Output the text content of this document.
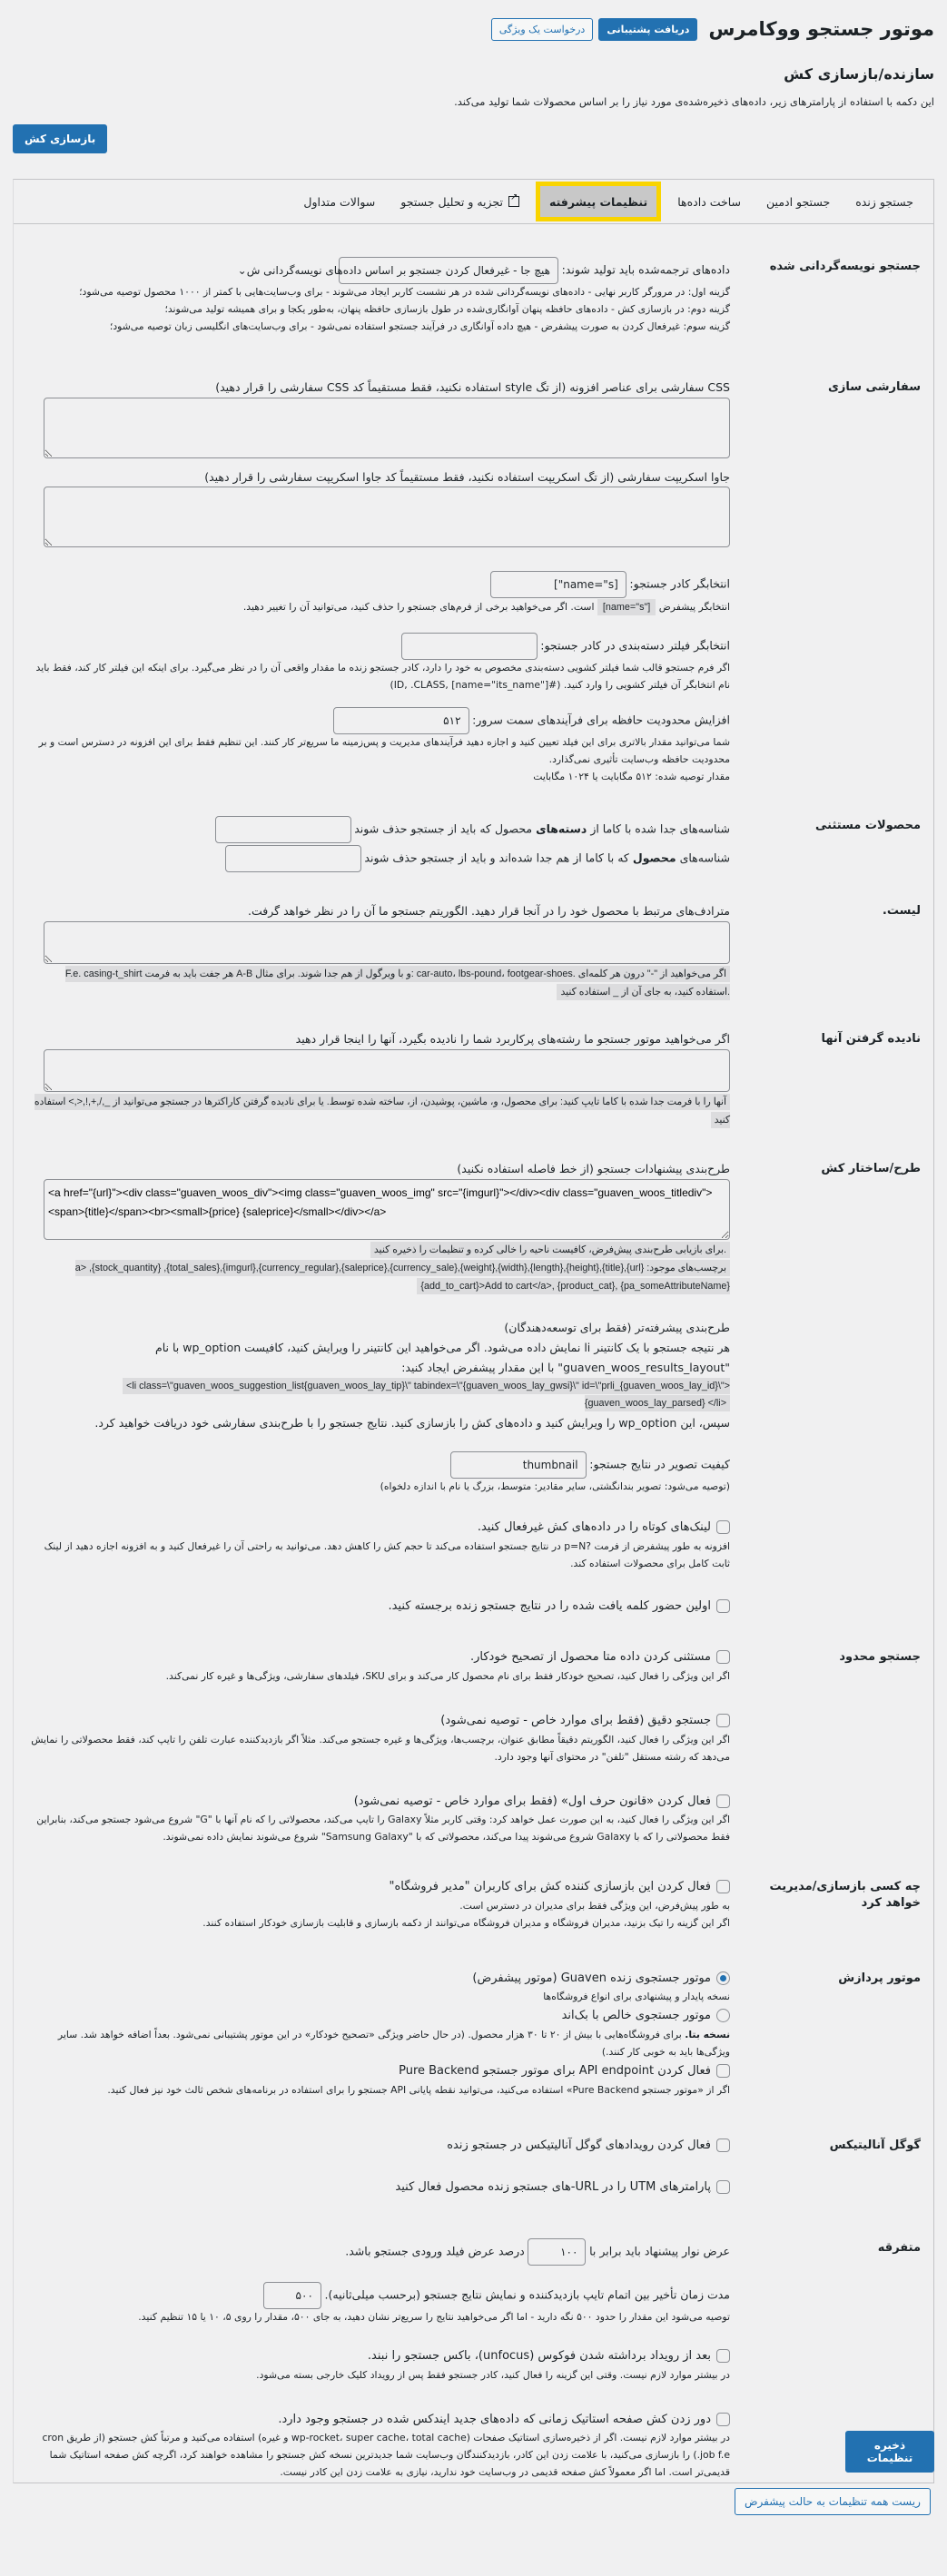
موتور جستجو ووکامرس
دریافت پشتیبانی
درخواست یک ویژگی
سازنده/بازسازی کش

این دکمه با استفاده از پارامترهای زیر، داده‌های ذخیره‌شده‌ی مورد نیاز را بر اساس محصولات شما تولید می‌کند.

بازسازی کش
جستجو زنده
جستجو ادمین
ساخت داده‌ها
تنظیمات پیشرفته
↗
تجزیه و تحلیل جستجو
سوالات متداول
جستجو نویسه‌گردانی شده
داده‌های ترجمه‌شده باید تولید شوند:
هیچ جا - غیرفعال کردن جستجو بر اساس داده‌های نویسه‌گردانی ش
⌄
گزینه اول: در مرورگر کاربر نهایی - داده‌های نویسه‌گردانی شده در هر نشست کاربر ایجاد می‌شوند - برای وب‌سایت‌هایی با کمتر از ۱۰۰۰ محصول توصیه می‌شود؛
گزینه دوم: در بازسازی کش - داده‌های حافظه پنهان آوانگاری‌شده در طول بازسازی حافظه پنهان، به‌طور یکجا و برای همیشه تولید می‌شوند؛
گزینه سوم: غیرفعال کردن به صورت پیشفرض - هیچ داده آوانگاری در فرآیند جستجو استفاده نمی‌شود - برای وب‌سایت‌های انگلیسی زبان توصیه می‌شود؛
سفارشی سازی
CSS سفارشی برای عناصر افزونه (از تگ style استفاده نکنید، فقط مستقیماً کد CSS سفارشی را قرار دهید)
جاوا اسکریپت سفارشی (از تگ اسکریپت استفاده نکنید، فقط مستقیماً کد جاوا اسکریپت سفارشی را قرار دهید)
انتخابگر کادر جستجو: ["name="s]
انتخابگر پیشفرض [name="s"] است. اگر می‌خواهید برخی از فرم‌های جستجو را حذف کنید، می‌توانید آن را تغییر دهید.
انتخابگر فیلتر دسته‌بندی در کادر جستجو:
اگر فرم جستجو قالب شما فیلتر کشویی دسته‌بندی مخصوص به خود را دارد، کادر جستجو زنده ما مقدار واقعی آن را در نظر می‌گیرد. برای اینکه این فیلتر کار کند، فقط باید نام انتخابگر آن فیلتر کشویی را وارد کنید. (#ID, .CLASS, [name="its_name"])
افزایش محدودیت حافظه برای فرآیندهای سمت سرور: ۵۱۲
شما می‌توانید مقدار بالاتری برای این فیلد تعیین کنید و اجازه دهید فرآیندهای مدیریت و پس‌زمینه ما سریع‌تر کار کنند. این تنظیم فقط برای این افزونه در دسترس است و بر محدودیت حافظه وب‌سایت تأثیری نمی‌گذارد.
مقدار توصیه شده: ۵۱۲ مگابایت یا ۱۰۲۴ مگابایت
محصولات مستثنی
شناسه‌های جدا شده با کاما از دسته‌های محصول که باید از جستجو حذف شوند
شناسه‌های محصول که با کاما از هم جدا شده‌اند و باید از جستجو حذف شوند
لیست.
مترادف‌های مرتبط با محصول خود را در آنجا قرار دهید. الگوریتم جستجو ما آن را در نظر خواهد گرفت.
اگر می‌خواهید از "-" درون هر کلمه‌ای .car-auto، lbs-pound، footgear-shoes :و با ویرگول از هم جدا شوند. برای مثال A-B هر جفت باید به فرمت F.e. casing-t_shirt .استفاده کنید، به جای آن از _ استفاده کنید
نادیده گرفتن آنها
اگر می‌خواهید موتور جستجو ما رشته‌های پرکاربرد شما را نادیده بگیرد، آنها را اینجا قرار دهید
آنها را با فرمت جدا شده با کاما تایپ کنید: برای محصول، و، ماشین، پوشیدن، از، ساخته شده توسط. یا برای نادیده گرفتن کاراکترها در جستجو می‌توانید از _,/,+,!,<,> استفاده کنید
طرح/ساختار کش
طرح‌بندی پیشنهادات جستجو (از خط فاصله استفاده نکنید)
<a href="{url}"><div class="guaven_woos_div"><img class="guaven_woos_img" src="{imgurl}"></div><div class="guaven_woos_titlediv"><span>{title}</span><br><small>{price} {saleprice}</small></div></a>
.برای بازیابی طرح‌بندی پیش‌فرض، کافیست ناحیه را خالی کرده و تنظیمات را ذخیره کنید
برچسب‌های موجود: {url},{title},{height},{length},{width},{weight},{currency_sale},{saleprice},{currency_regular},{imgurl},{total_sales}, {stock_quantity}, <a {add_to_cart}>Add to cart</a>, {product_cat}, {pa_someAttributeName}
طرح‌بندی پیشرفته‌تر (فقط برای توسعه‌دهندگان)
هر نتیجه جستجو با یک کانتینر li نمایش داده می‌شود. اگر می‌خواهید این کانتینر را ویرایش کنید، کافیست wp_option با نام "guaven_woos_results_layout" با این مقدار پیشفرض ایجاد کنید:
<li class=\"guaven_woos_suggestion_list{guaven_woos_lay_tip}\" tabindex=\"{guaven_woos_lay_gwsi}\" id=\"prli_{guaven_woos_lay_id}\"> {guaven_woos_lay_parsed} </li>
سپس، این wp_option را ویرایش کنید و داده‌های کش را بازسازی کنید. نتایج جستجو را با طرح‌بندی سفارشی خود دریافت خواهید کرد.
کیفیت تصویر در نتایج جستجو: thumbnail
(توصیه می‌شود: تصویر بندانگشتی، سایر مقادیر: متوسط، بزرگ یا نام با اندازه دلخواه)
لینک‌های کوتاه را در داده‌های کش غیرفعال کنید.
افزونه به طور پیشفرض از فرمت ?p=N در نتایج جستجو استفاده می‌کند تا حجم کش را کاهش دهد. می‌توانید به راحتی آن را غیرفعال کنید و به افزونه اجازه دهید از لینک ثابت کامل برای محصولات استفاده کند.
اولین حضور کلمه یافت شده را در نتایج جستجو زنده برجسته کنید.
جستجو محدود
مستثنی کردن داده متا محصول از تصحیح خودکار.
اگر این ویژگی را فعال کنید، تصحیح خودکار فقط برای نام محصول کار می‌کند و برای SKU، فیلدهای سفارشی، ویژگی‌ها و غیره کار نمی‌کند.
جستجو دقیق (فقط برای موارد خاص - توصیه نمی‌شود)
اگر این ویژگی را فعال کنید، الگوریتم دقیقاً مطابق عنوان، برچسب‌ها، ویژگی‌ها و غیره جستجو می‌کند. مثلاً اگر بازدیدکننده عبارت تلفن را تایپ کند، فقط محصولاتی را نمایش می‌دهد که رشته مستقل "تلفن" در محتوای آنها وجود دارد.
فعال کردن «قانون حرف اول» (فقط برای موارد خاص - توصیه نمی‌شود)
اگر این ویژگی را فعال کنید، به این صورت عمل خواهد کرد: وقتی کاربر مثلاً Galaxy را تایپ می‌کند، محصولاتی را که نام آنها با "G" شروع می‌شود جستجو می‌کند، بنابراین فقط محصولاتی را که با Galaxy شروع می‌شوند پیدا می‌کند، محصولاتی که با "Samsung Galaxy" شروع می‌شوند نمایش داده نمی‌شوند.
چه کسی بازسازی/مدیریت خواهد کرد
فعال کردن این بازسازی کننده کش برای کاربران "مدیر فروشگاه"
به طور پیش‌فرض، این ویژگی فقط برای مدیران در دسترس است.
اگر این گزینه را تیک بزنید، مدیران فروشگاه و مدیران فروشگاه می‌توانند از دکمه بازسازی و قابلیت بازسازی خودکار استفاده کنند.
موتور پردازش
موتور جستجوی زنده Guaven (موتور پیشفرض)
نسخه پایدار و پیشنهادی برای انواع فروشگاه‌ها
موتور جستجوی خالص با بک‌اند
نسخه بتا. برای فروشگاه‌هایی با بیش از ۲۰ تا ۳۰ هزار محصول. (در حال حاضر ویژگی «تصحیح خودکار» در این موتور پشتیبانی نمی‌شود. بعداً اضافه خواهد شد. سایر ویژگی‌ها باید به خوبی کار کنند.)
فعال کردن API endpoint برای موتور جستجو Pure Backend
اگر از «موتور جستجو Pure Backend» استفاده می‌کنید، می‌توانید نقطه پایانی API جستجو را برای استفاده در برنامه‌های شخص ثالث خود نیز فعال کنید.
گوگل آنالیتیکس
فعال کردن رویدادهای گوگل آنالیتیکس در جستجو زنده
پارامترهای UTM را در URL-های جستجو زنده محصول فعال کنید
متفرقه
عرض نوار پیشنهاد باید برابر با ۱۰۰ درصد عرض فیلد ورودی جستجو باشد.
مدت زمان تأخیر بین اتمام تایپ بازدیدکننده و نمایش نتایج جستجو (برحسب میلی‌ثانیه). ۵۰۰
توصیه می‌شود این مقدار را حدود ۵۰۰ نگه دارید - اما اگر می‌خواهید نتایج را سریع‌تر نشان دهید، به جای ۵۰۰، مقدار را روی ۵، ۱۰ یا ۱۵ تنظیم کنید.
بعد از رویداد برداشته شدن فوکوس (unfocus)، باکس جستجو را نبند.
در بیشتر موارد لازم نیست. وقتی این گزینه را فعال کنید، کادر جستجو فقط پس از رویداد کلیک خارجی بسته می‌شود.
دور زدن کش صفحه استاتیک زمانی که داده‌های جدید ایندکس شده در جستجو وجود دارد.
در بیشتر موارد لازم نیست. اگر از ذخیره‌سازی استاتیک صفحات (wp-rocket، super cache، total cache و غیره) استفاده می‌کنید و مرتباً کش جستجو (از طریق cron job f.e.) را بازسازی می‌کنید، با علامت زدن این کادر، بازدیدکنندگان وب‌سایت شما جدیدترین نسخه کش جستجو را مشاهده خواهند کرد، اگرچه کش صفحه استاتیک شما قدیمی‌تر است. اما اگر معمولاً کش صفحه قدیمی در وب‌سایت خود ندارید، نیازی به علامت زدن این کادر نیست.
ذخیره تنظیمات
ریست همه تنظیمات به حالت پیشفرض
